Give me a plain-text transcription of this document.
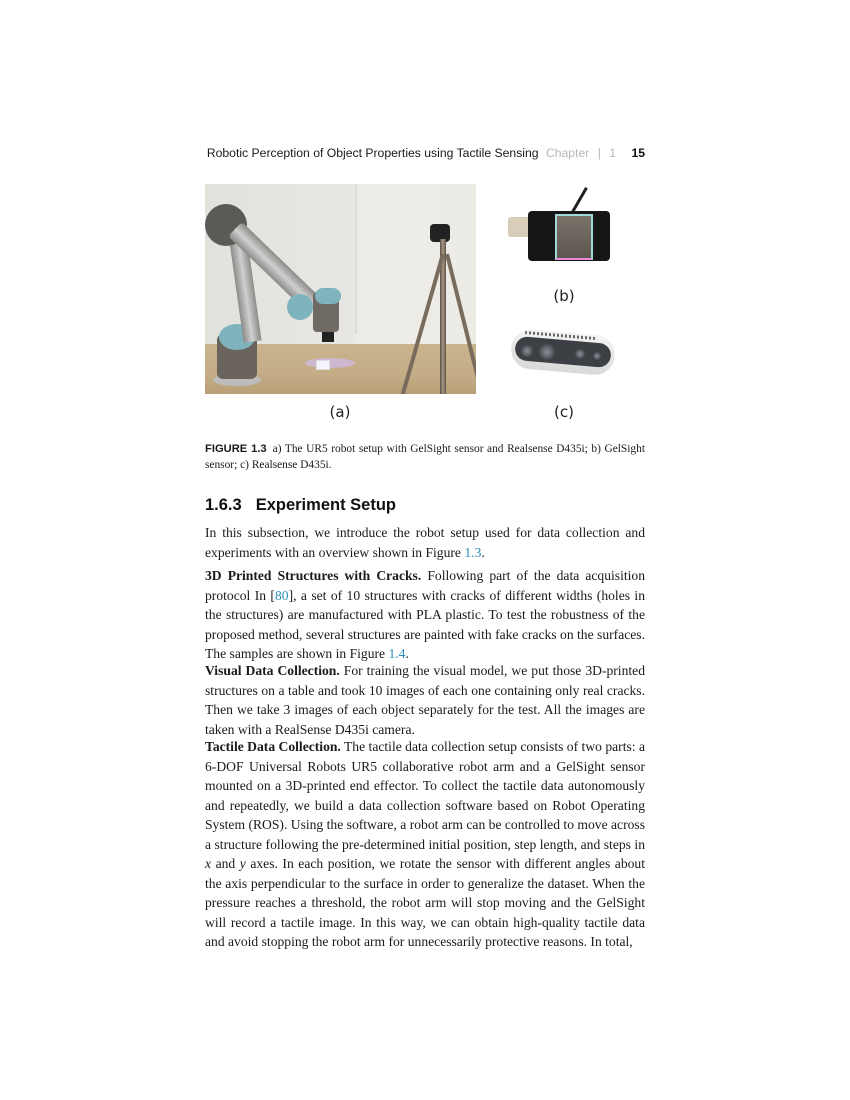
Robotic Perception of Object Properties using Tactile Sensing Chapter | 1 15
(a)
(b)
(c)
FIGURE 1.3 a) The UR5 robot setup with GelSight sensor and Realsense D435i; b) GelSight sensor; c) Realsense D435i.
1.6.3 Experiment Setup

In this subsection, we introduce the robot setup used for data collection and experiments with an overview shown in Figure 1.3.

3D Printed Structures with Cracks. Following part of the data acquisition protocol In [80], a set of 10 structures with cracks of different widths (holes in the structures) are manufactured with PLA plastic. To test the robustness of the proposed method, several structures are painted with fake cracks on the surfaces. The samples are shown in Figure 1.4.

Visual Data Collection. For training the visual model, we put those 3D-printed structures on a table and took 10 images of each one containing only real cracks. Then we take 3 images of each object separately for the test. All the images are taken with a RealSense D435i camera.

Tactile Data Collection. The tactile data collection setup consists of two parts: a 6-DOF Universal Robots UR5 collaborative robot arm and a GelSight sensor mounted on a 3D-printed end effector. To collect the tactile data autonomously and repeatedly, we build a data collection software based on Robot Operating System (ROS). Using the software, a robot arm can be controlled to move across a structure following the pre-determined initial position, step length, and steps in x and y axes. In each position, we rotate the sensor with different angles about the axis perpendicular to the surface in order to generalize the dataset. When the pressure reaches a threshold, the robot arm will stop moving and the GelSight will record a tactile image. In this way, we can obtain high-quality tactile data and avoid stopping the robot arm for unnecessarily protective reasons. In total,
